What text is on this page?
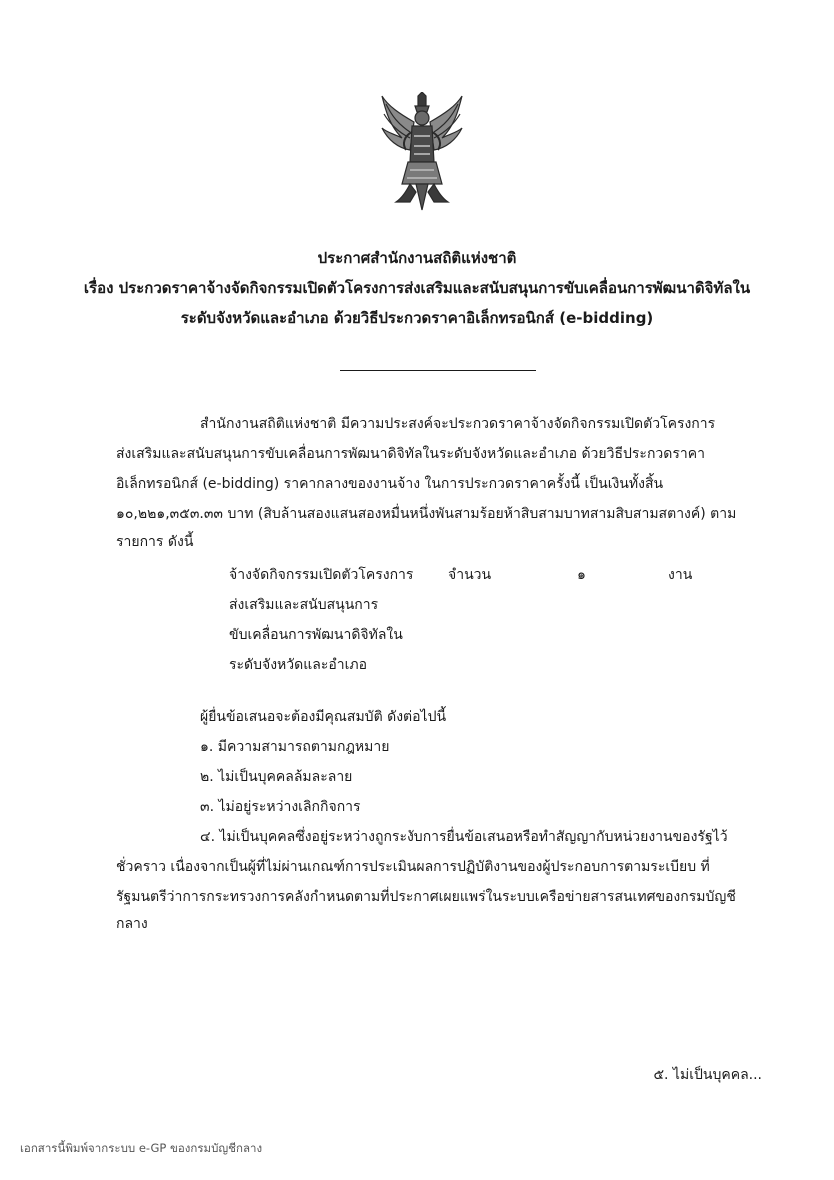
ประกาศสำนักงานสถิติแห่งชาติ
เรื่อง ประกวดราคาจ้างจัดกิจกรรมเปิดตัวโครงการส่งเสริมและสนับสนุนการขับเคลื่อนการพัฒนาดิจิทัลใน
ระดับจังหวัดและอำเภอ ด้วยวิธีประกวดราคาอิเล็กทรอนิกส์ (e-bidding)
สำนักงานสถิติแห่งชาติ มีความประสงค์จะประกวดราคาจ้างจัดกิจกรรมเปิดตัวโครงการ
ส่งเสริมและสนับสนุนการขับเคลื่อนการพัฒนาดิจิทัลในระดับจังหวัดและอำเภอ ด้วยวิธีประกวดราคา
อิเล็กทรอนิกส์ (e-bidding) ราคากลางของงานจ้าง ในการประกวดราคาครั้งนี้ เป็นเงินทั้งสิ้น
๑๐,๒๒๑,๓๕๓.๓๓ บาท (สิบล้านสองแสนสองหมื่นหนึ่งพันสามร้อยห้าสิบสามบาทสามสิบสามสตางค์) ตาม
รายการ ดังนี้
จ้างจัดกิจกรรมเปิดตัวโครงการ
ส่งเสริมและสนับสนุนการ
ขับเคลื่อนการพัฒนาดิจิทัลใน
ระดับจังหวัดและอำเภอ
จำนวน	๑	งาน
ผู้ยื่นข้อเสนอจะต้องมีคุณสมบัติ ดังต่อไปนี้
๑. มีความสามารถตามกฎหมาย
๒. ไม่เป็นบุคคลล้มละลาย
๓. ไม่อยู่ระหว่างเลิกกิจการ
๔. ไม่เป็นบุคคลซึ่งอยู่ระหว่างถูกระงับการยื่นข้อเสนอหรือทำสัญญากับหน่วยงานของรัฐไว้
ชั่วคราว เนื่องจากเป็นผู้ที่ไม่ผ่านเกณฑ์การประเมินผลการปฏิบัติงานของผู้ประกอบการตามระเบียบ ที่
รัฐมนตรีว่าการกระทรวงการคลังกำหนดตามที่ประกาศเผยแพร่ในระบบเครือข่ายสารสนเทศของกรมบัญชี
กลาง
๕. ไม่เป็นบุคคล...
เอกสารนี้พิมพ์จากระบบ e-GP ของกรมบัญชีกลาง
